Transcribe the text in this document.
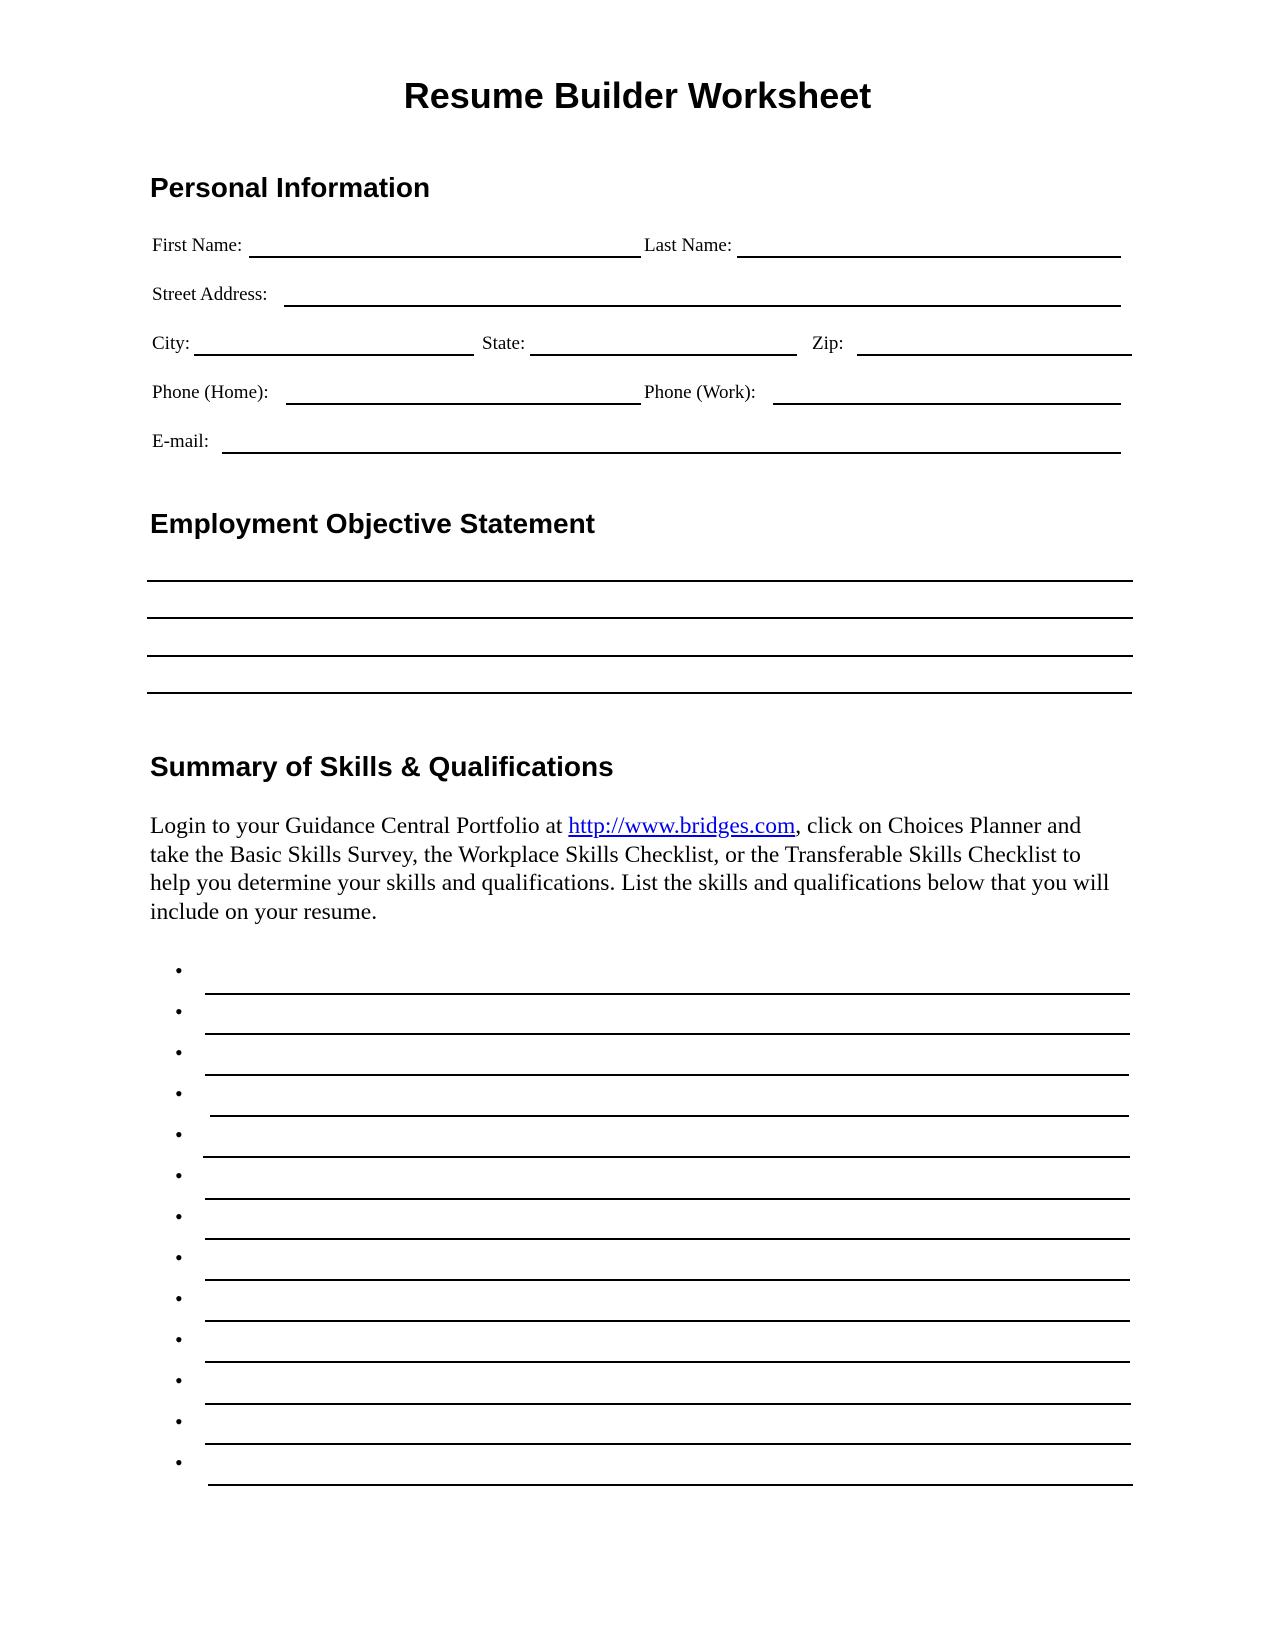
Resume Builder Worksheet
Personal Information
First Name:	Last Name:
Street Address:
City:	State:	Zip:
Phone (Home):	Phone (Work):
E-mail:
Employment Objective Statement
Summary of Skills & Qualifications
Login to your Guidance Central Portfolio at http://www.bridges.com, click on Choices Planner and take the Basic Skills Survey, the Workplace Skills Checklist, or the Transferable Skills Checklist to help you determine your skills and qualifications. List the skills and qualifications below that you will include on your resume.
•
•
•
•
•
•
•
•
•
•
•
•
•
